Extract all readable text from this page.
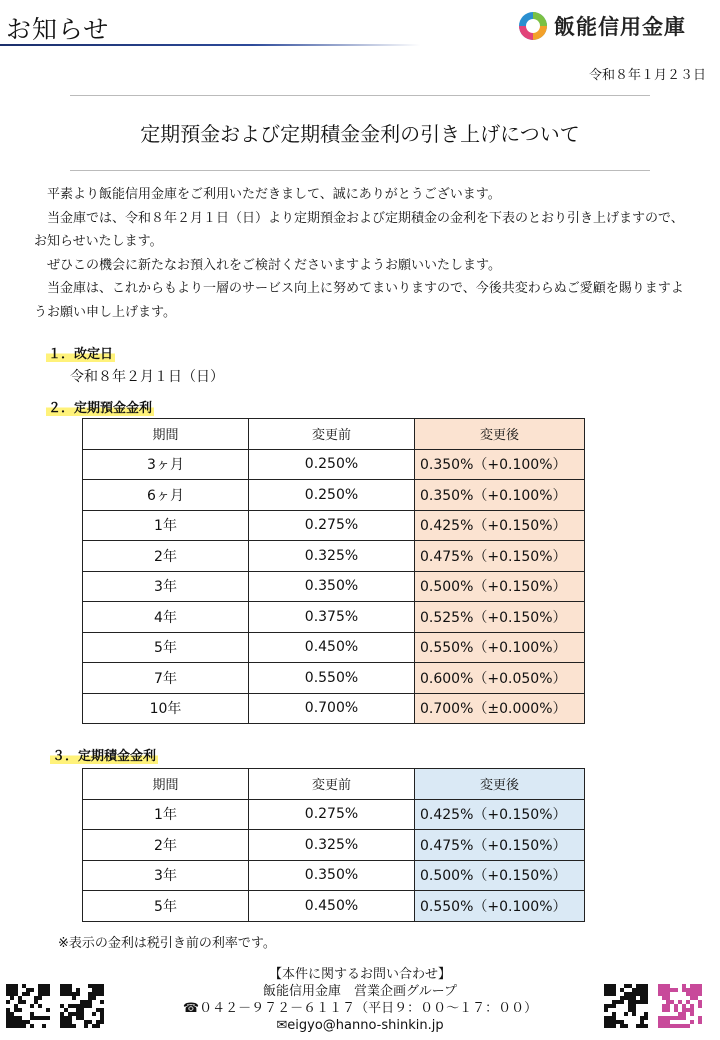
お知らせ	飯能信用金庫
令和８年１月２３日
定期預金および定期積金金利の引き上げについて

平素より飯能信用金庫をご利用いただきまして、誠にありがとうございます。

当金庫では、令和８年２月１日（日）より定期預金および定期積金の金利を下表のとおり引き上げますので、お知らせいたします。

ぜひこの機会に新たなお預入れをご検討くださいますようお願いいたします。

当金庫は、これからもより一層のサービス向上に努めてまいりますので、今後共変わらぬご愛顧を賜りますようお願い申し上げます。

１．改定日
令和８年２月１日（日）
２．定期預金金利
期間	変更前	変更後
3ヶ月	0.250%	0.350%（+0.100%）
6ヶ月	0.250%	0.350%（+0.100%）
1年	0.275%	0.425%（+0.150%）
2年	0.325%	0.475%（+0.150%）
3年	0.350%	0.500%（+0.150%）
4年	0.375%	0.525%（+0.150%）
5年	0.450%	0.550%（+0.100%）
7年	0.550%	0.600%（+0.050%）
10年	0.700%	0.700%（±0.000%）
３．定期積金金利
期間	変更前	変更後
1年	0.275%	0.425%（+0.150%）
2年	0.325%	0.475%（+0.150%）
3年	0.350%	0.500%（+0.150%）
5年	0.450%	0.550%（+0.100%）
※表示の金利は税引き前の利率です。
【本件に関するお問い合わせ】
飯能信用金庫　営業企画グループ
☎０４２－９７２－６１１７（平日９：００～１７：００）
✉eigyo@hanno-shinkin.jp
